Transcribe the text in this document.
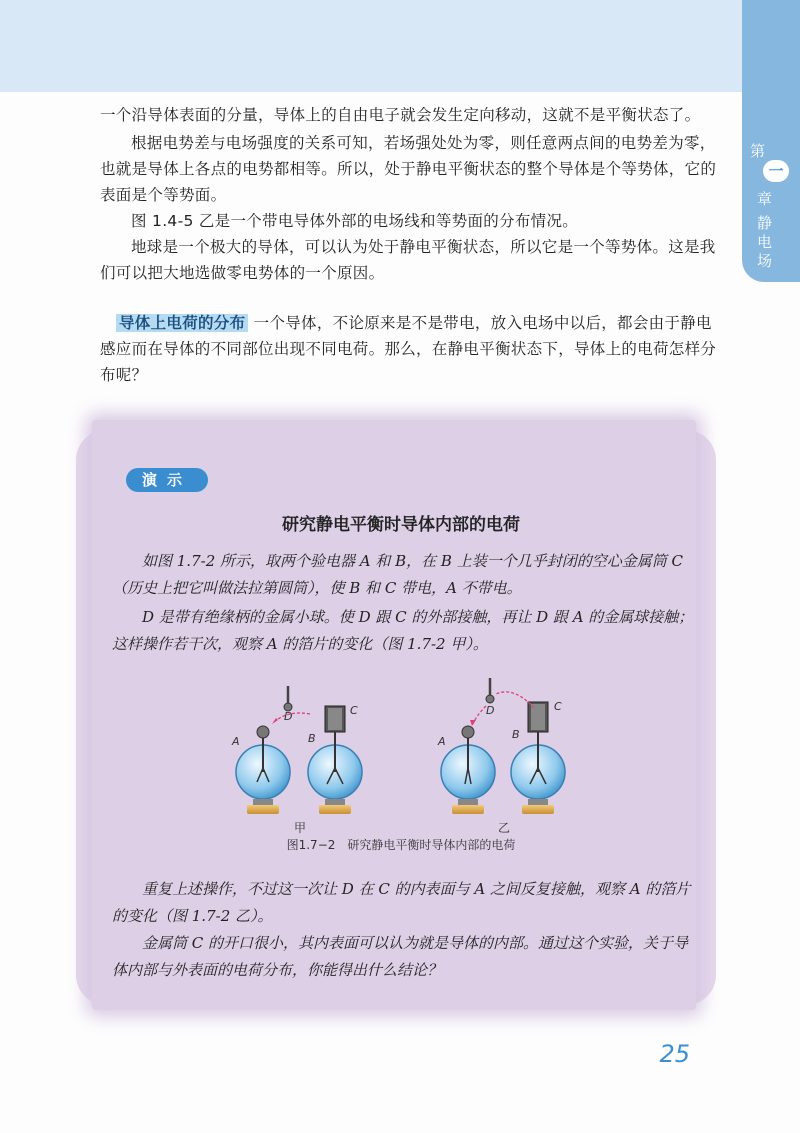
第
一
章
静电场

一个沿导体表面的分量，导体上的自由电子就会发生定向移动，这就不是平衡状态了。

根据电势差与电场强度的关系可知，若场强处处为零，则任意两点间的电势差为零，也就是导体上各点的电势都相等。所以，处于静电平衡状态的整个导体是个等势体，它的表面是个等势面。

图 1.4-5 乙是一个带电导体外部的电场线和等势面的分布情况。

地球是一个极大的导体，可以认为处于静电平衡状态，所以它是一个等势体。这是我们可以把大地选做零电势体的一个原因。

导体上电荷的分布 一个导体，不论原来是不是带电，放入电场中以后，都会由于静电感应而在导体的不同部位出现不同电荷。那么，在静电平衡状态下，导体上的电荷怎样分布呢？

演示
研究静电平衡时导体内部的电荷

如图 1.7-2 所示，取两个验电器 A 和 B，在 B 上装一个几乎封闭的空心金属筒 C（历史上把它叫做法拉第圆筒），使 B 和 C 带电，A 不带电。

D 是带有绝缘柄的金属小球。使 D 跟 C 的外部接触，再让 D 跟 A 的金属球接触；这样操作若干次，观察 A 的箔片的变化（图 1.7-2 甲）。

A	B
C
D
A
B
C
D
甲	乙
图1.7−2　研究静电平衡时导体内部的电荷

重复上述操作，不过这一次让 D 在 C 的内表面与 A 之间反复接触，观察 A 的箔片的变化（图 1.7-2 乙）。

金属筒 C 的开口很小，其内表面可以认为就是导体的内部。通过这个实验，关于导体内部与外表面的电荷分布，你能得出什么结论？

25
